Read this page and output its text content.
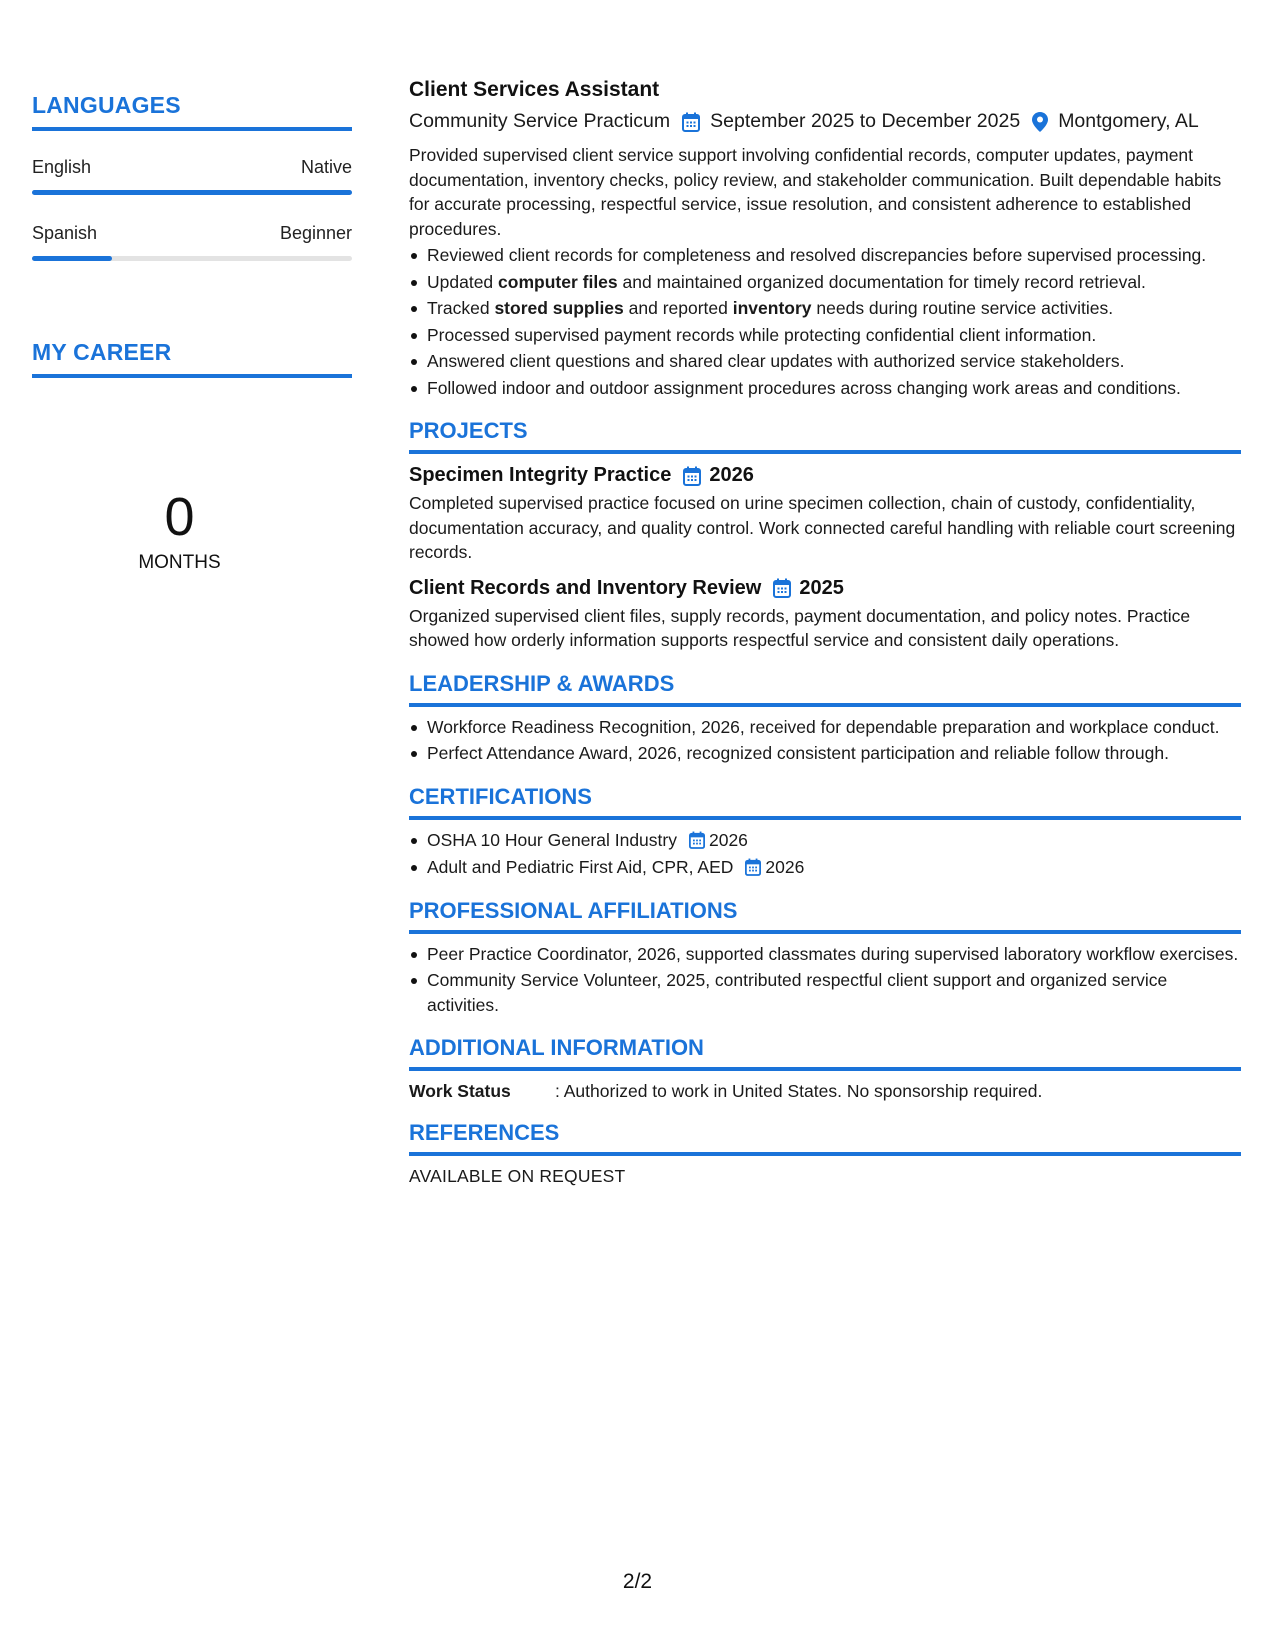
LANGUAGES
English	Native
Spanish	Beginner
MY CAREER
0
MONTHS
Client Services Assistant
Community Service Practicum September 2025 to December 2025 Montgomery, AL

Provided supervised client service support involving confidential records, computer updates, payment documentation, inventory checks, policy review, and stakeholder communication. Built dependable habits for accurate processing, respectful service, issue resolution, and consistent adherence to established procedures.

Reviewed client records for completeness and resolved discrepancies before supervised processing.
Updated computer files and maintained organized documentation for timely record retrieval.
Tracked stored supplies and reported inventory needs during routine service activities.
Processed supervised payment records while protecting confidential client information.
Answered client questions and shared clear updates with authorized service stakeholders.
Followed indoor and outdoor assignment procedures across changing work areas and conditions.
PROJECTS
Specimen Integrity Practice 2026

Completed supervised practice focused on urine specimen collection, chain of custody, confidentiality, documentation accuracy, and quality control. Work connected careful handling with reliable court screening records.

Client Records and Inventory Review 2025

Organized supervised client files, supply records, payment documentation, and policy notes. Practice showed how orderly information supports respectful service and consistent daily operations.

LEADERSHIP & AWARDS
Workforce Readiness Recognition, 2026, received for dependable preparation and workplace conduct.
Perfect Attendance Award, 2026, recognized consistent participation and reliable follow through.
CERTIFICATIONS
OSHA 10 Hour General Industry 2026
Adult and Pediatric First Aid, CPR, AED 2026
PROFESSIONAL AFFILIATIONS
Peer Practice Coordinator, 2026, supported classmates during supervised laboratory workflow exercises.
Community Service Volunteer, 2025, contributed respectful client support and organized service activities.
ADDITIONAL INFORMATION
Work Status	: Authorized to work in United States. No sponsorship required.
REFERENCES
AVAILABLE ON REQUEST
2/2
